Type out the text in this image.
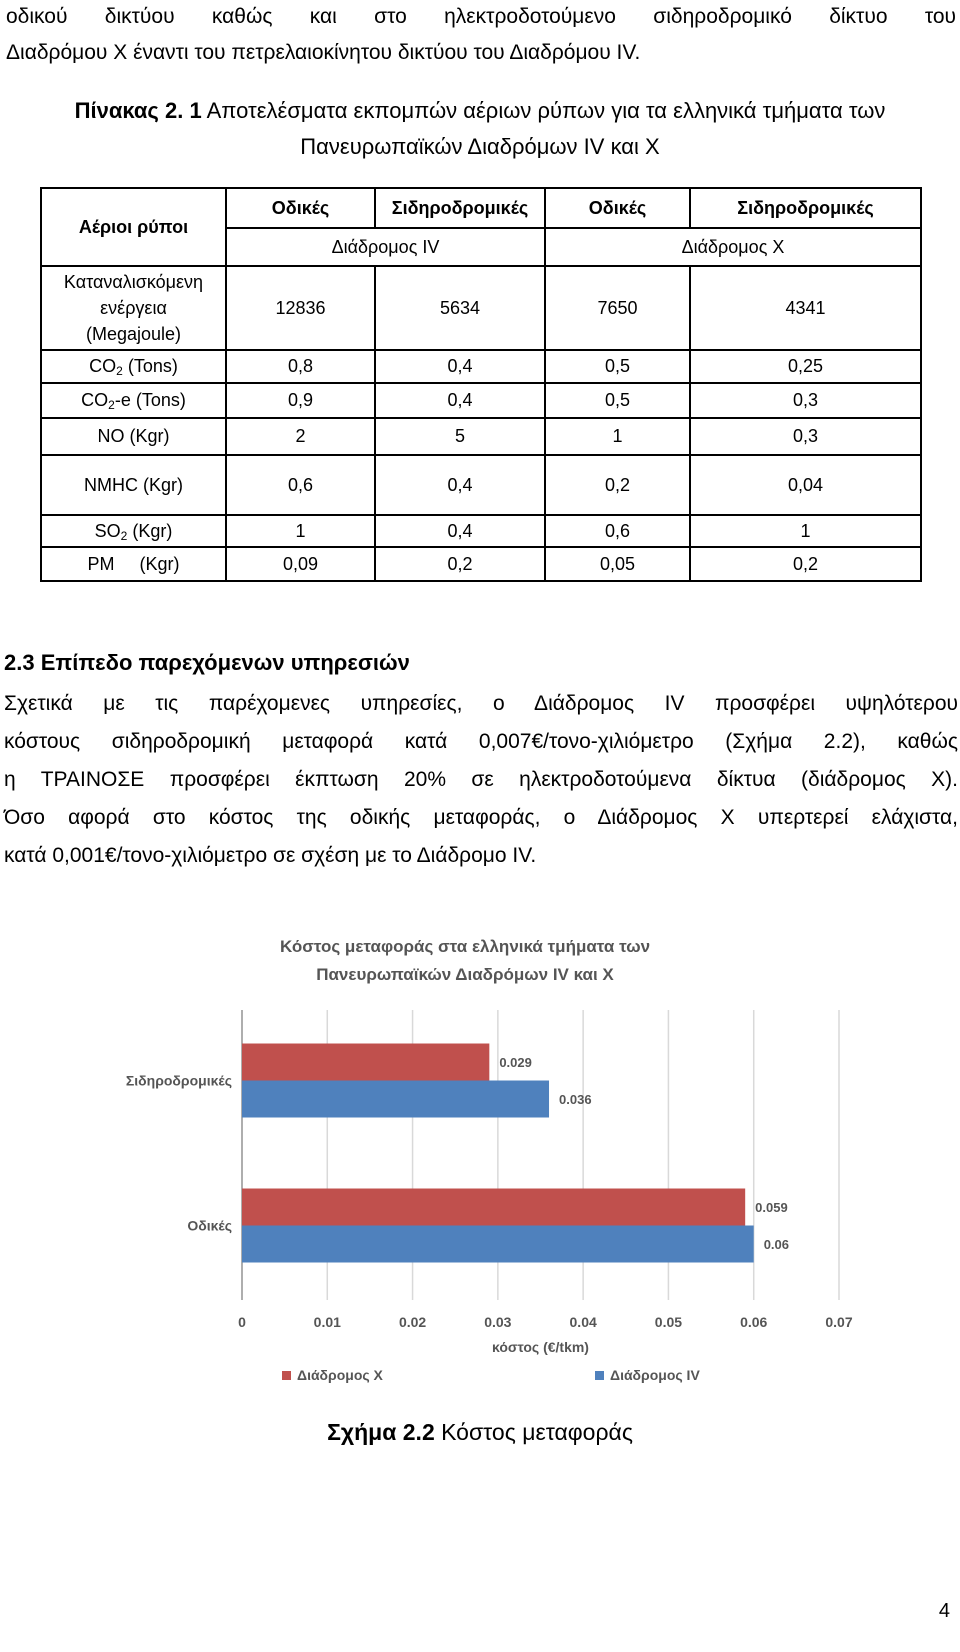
οδικού δικτύου καθώς και στο ηλεκτροδοτούμενο σιδηροδρομικό δίκτυο του
Διαδρόμου Χ έναντι του πετρελαιοκίνητου δικτύου του Διαδρόμου IV.
Πίνακας 2. 1 Αποτελέσματα εκπομπών αέριων ρύπων για τα ελληνικά τμήματα των
Πανευρωπαϊκών Διαδρόμων IV και Χ
Αέριοι ρύποι	Οδικές	Σιδηροδρομικές	Οδικές	Σιδηροδρομικές
	Διάδρομος IV		Διάδρομος Χ	

Καταναλισκόμενη
ενέργεια
(Megajoule)	12836	5634	7650	4341
$CO_2$ (Tons)	0,8	0,4	0,5	0,25
$CO_2-e$ (Tons)	0,9	0,4	0,5	0,3
NO (Kgr)	2	5	1	0,3
NMHC (Kgr)	0,6	0,4	0,2	0,04
$SO_2$ (Kgr)	1	0,4	0,6	1
PM     (Kgr)	0,09	0,2	0,05	0,2
2.3 Επίπεδο παρεχόμενων υπηρεσιών
Σχετικά με τις παρέχομενες υπηρεσίες, ο Διάδρομος IV προσφέρει υψηλότερου
κόστους σιδηροδρομική μεταφορά κατά 0,007€/τονο-χιλιόμετρο (Σχήμα 2.2), καθώς
η ΤΡΑΙΝΟΣΕ προσφέρει έκπτωση 20% σε ηλεκτροδοτούμενα δίκτυα (διάδρομος Χ).
Όσο αφορά στο κόστος της οδικής μεταφοράς, ο Διάδρομος Χ υπερτερεί ελάχιστα,
κατά 0,001€/τονο-χιλιόμετρο σε σχέση με το Διάδρομο IV.
Κόστος μεταφοράς στα ελληνικά τμήματα των
Πανευρωπαϊκών Διαδρόμων IV και Χ
0	0.01	0.02	0.03	0.04	0.05	0.06	0.07
Σιδηροδρομικές
0.029
0.036
Οδικές
0.059
0.06
κόστος (€/tkm)
Διάδρομος Χ	Διάδρομος IV
Σχήμα 2.2 Κόστος μεταφοράς
4
